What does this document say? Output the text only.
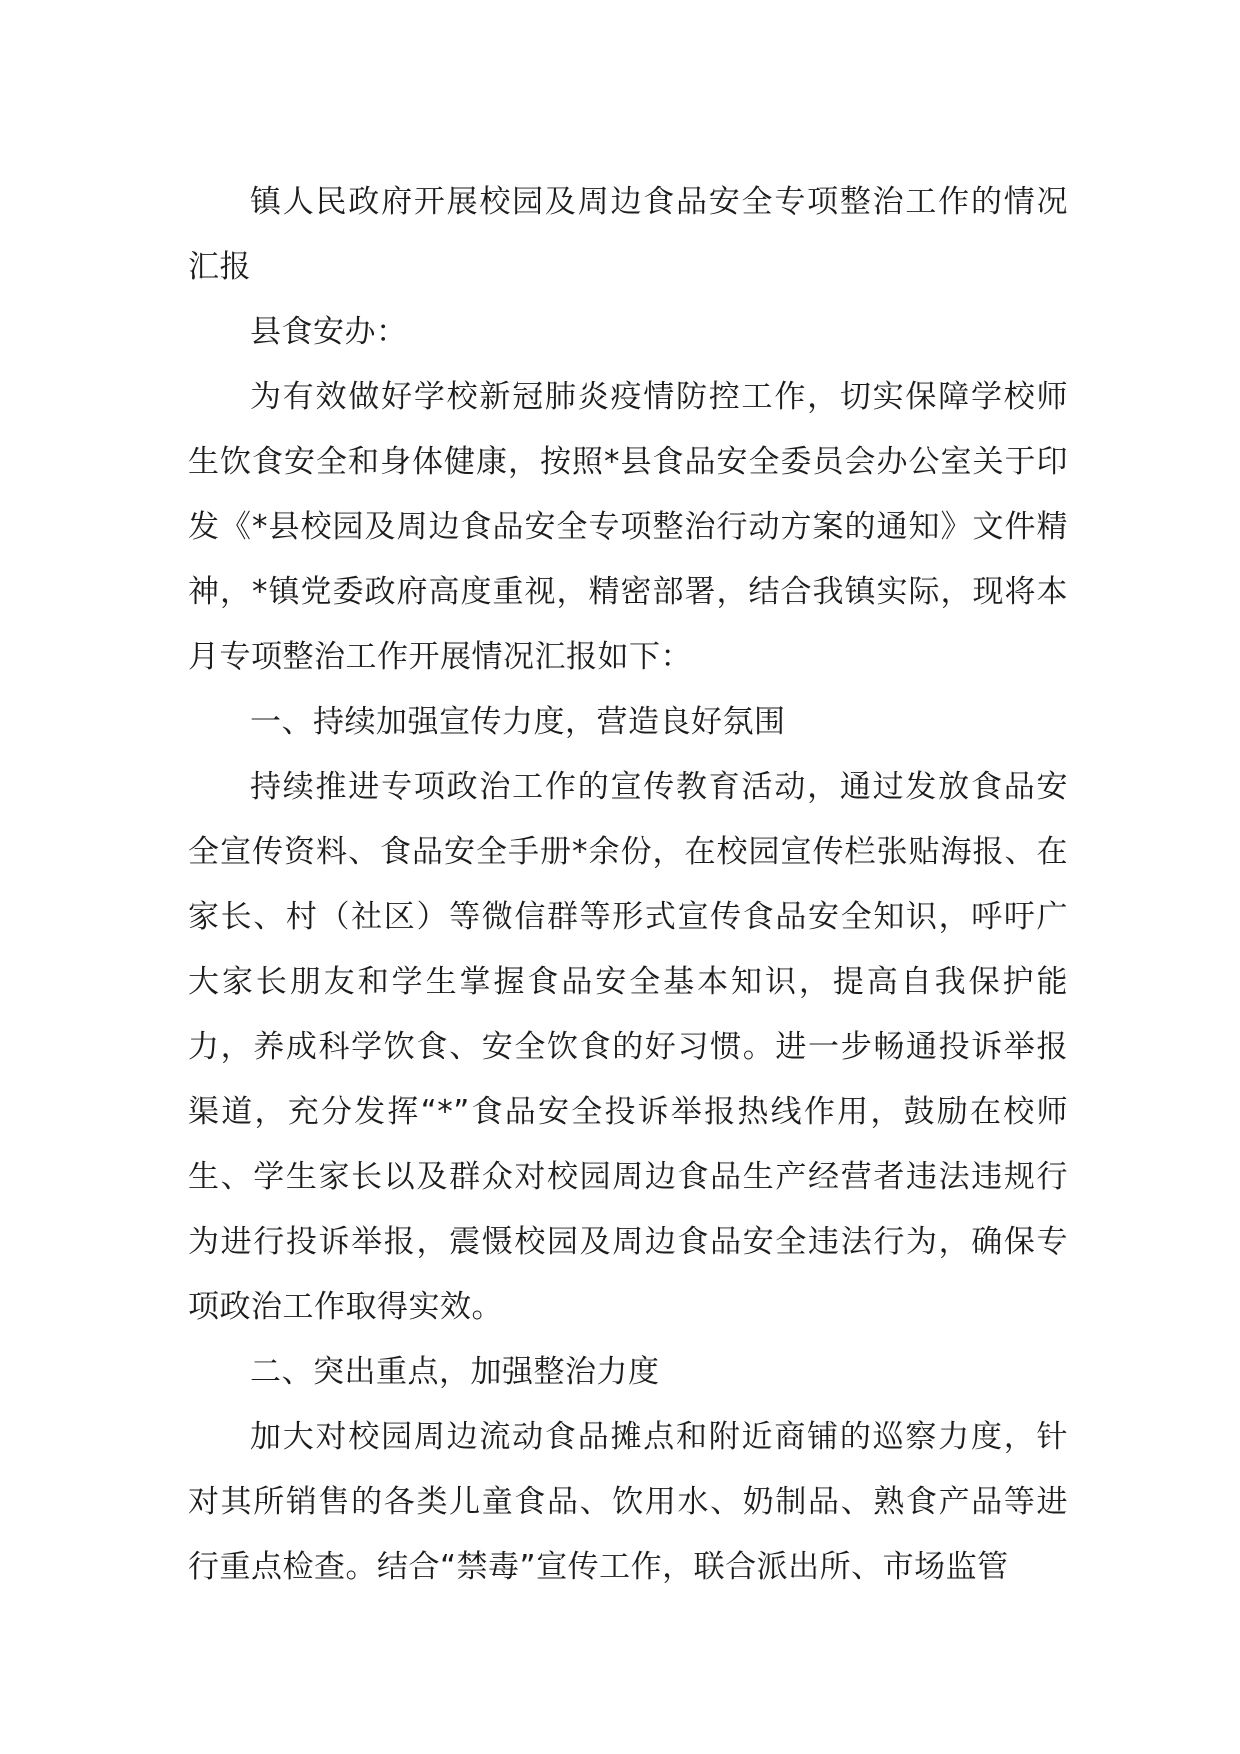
镇人民政府开展校园及周边食品安全专项整治工作的情况汇报

县食安办：

为有效做好学校新冠肺炎疫情防控工作，切实保障学校师生饮食安全和身体健康，按照*县食品安全委员会办公室关于印发《*县校园及周边食品安全专项整治行动方案的通知》文件精神，*镇党委政府高度重视，精密部署，结合我镇实际，现将本月专项整治工作开展情况汇报如下：

一、持续加强宣传力度，营造良好氛围

持续推进专项政治工作的宣传教育活动，通过发放食品安全宣传资料、食品安全手册*余份，在校园宣传栏张贴海报、在家长、村（社区）等微信群等形式宣传食品安全知识，呼吁广大家长朋友和学生掌握食品安全基本知识，提高自我保护能力，养成科学饮食、安全饮食的好习惯。进一步畅通投诉举报渠道，充分发挥“*”食品安全投诉举报热线作用，鼓励在校师生、学生家长以及群众对校园周边食品生产经营者违法违规行为进行投诉举报，震慑校园及周边食品安全违法行为，确保专项政治工作取得实效。

二、突出重点，加强整治力度

加大对校园周边流动食品摊点和附近商铺的巡察力度，针对其所销售的各类儿童食品、饮用水、奶制品、熟食产品等进行重点检查。结合“禁毒”宣传工作，联合派出所、市场监管
